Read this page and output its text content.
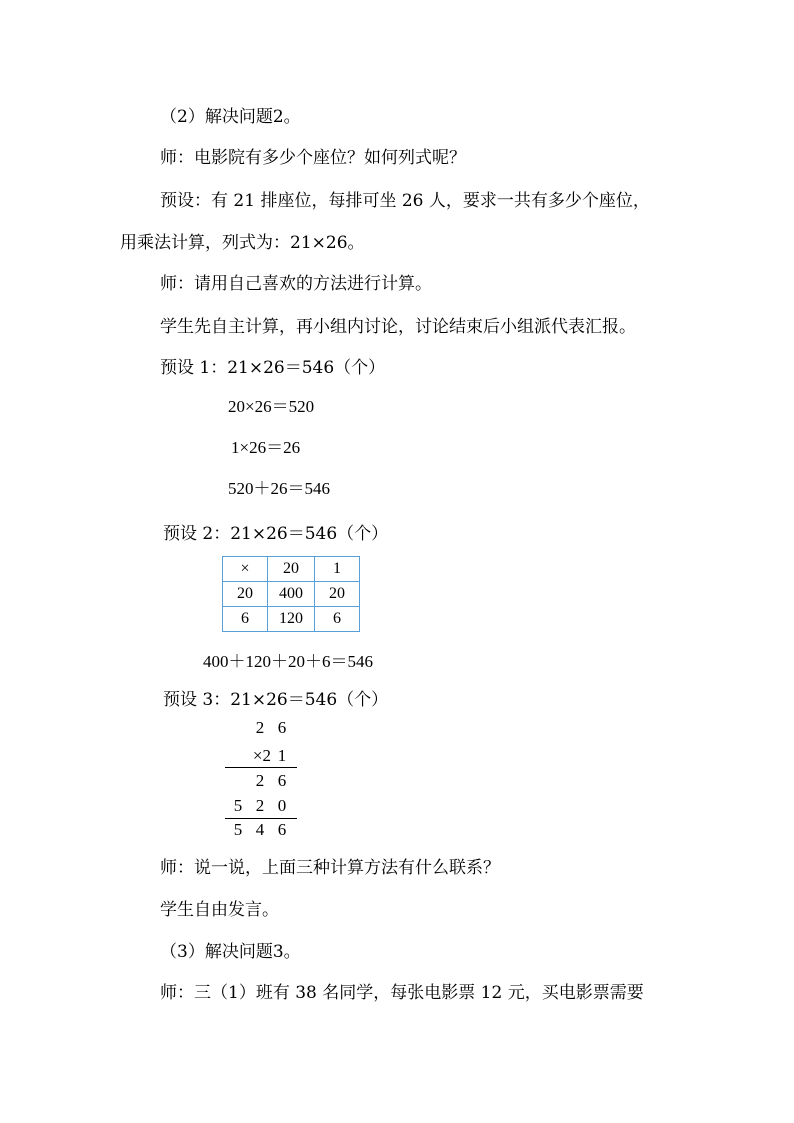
（2）解决问题2。
师：电影院有多少个座位？如何列式呢？
预设：有 21 排座位，每排可坐 26 人，要求一共有多少个座位，
用乘法计算，列式为：21×26。
师：请用自己喜欢的方法进行计算。
学生先自主计算，再小组内讨论，讨论结束后小组派代表汇报。
预设 1：21×26＝546（个）
20×26＝520
1×26＝26
520＋26＝546
预设 2：21×26＝546（个）
×	20	1
20	400	20
6	120	6
400＋120＋20＋6＝546
预设 3：21×26＝546（个）
2 6
×2 1
2 6
5 2 0
5 4 6
师：说一说，上面三种计算方法有什么联系？
学生自由发言。
（3）解决问题3。
师：三（1）班有 38 名同学，每张电影票 12 元，买电影票需要
